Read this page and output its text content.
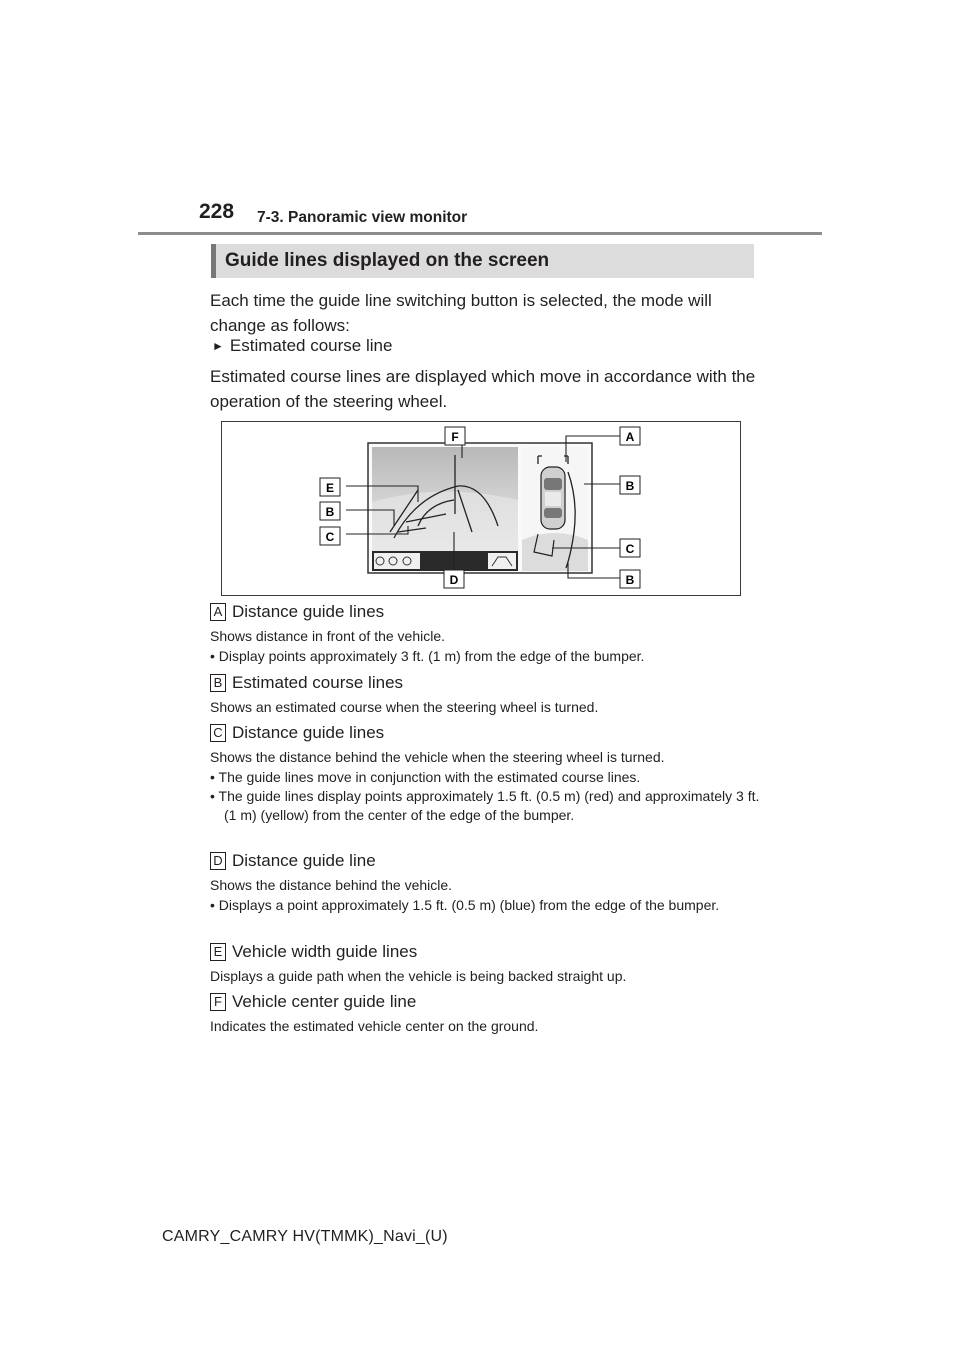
228 7-3. Panoramic view monitor
Guide lines displayed on the screen
Each time the guide line switching button is selected, the mode will change as follows:
► Estimated course line
Estimated course lines are displayed which move in accordance with the operation of the steering wheel.
F	A
E	B
B
C
C
D	B
A Distance guide lines
Shows distance in front of the vehicle.
• Display points approximately 3 ft. (1 m) from the edge of the bumper.
B Estimated course lines
Shows an estimated course when the steering wheel is turned.
C Distance guide lines
Shows the distance behind the vehicle when the steering wheel is turned.
• The guide lines move in conjunction with the estimated course lines.
• The guide lines display points approximately 1.5 ft. (0.5 m) (red) and approximately 3 ft. (1 m) (yellow) from the center of the edge of the bumper.
D Distance guide line
Shows the distance behind the vehicle.
• Displays a point approximately 1.5 ft. (0.5 m) (blue) from the edge of the bumper.
E Vehicle width guide lines
Displays a guide path when the vehicle is being backed straight up.
F Vehicle center guide line
Indicates the estimated vehicle center on the ground.
CAMRY_CAMRY HV(TMMK)_Navi_(U)
